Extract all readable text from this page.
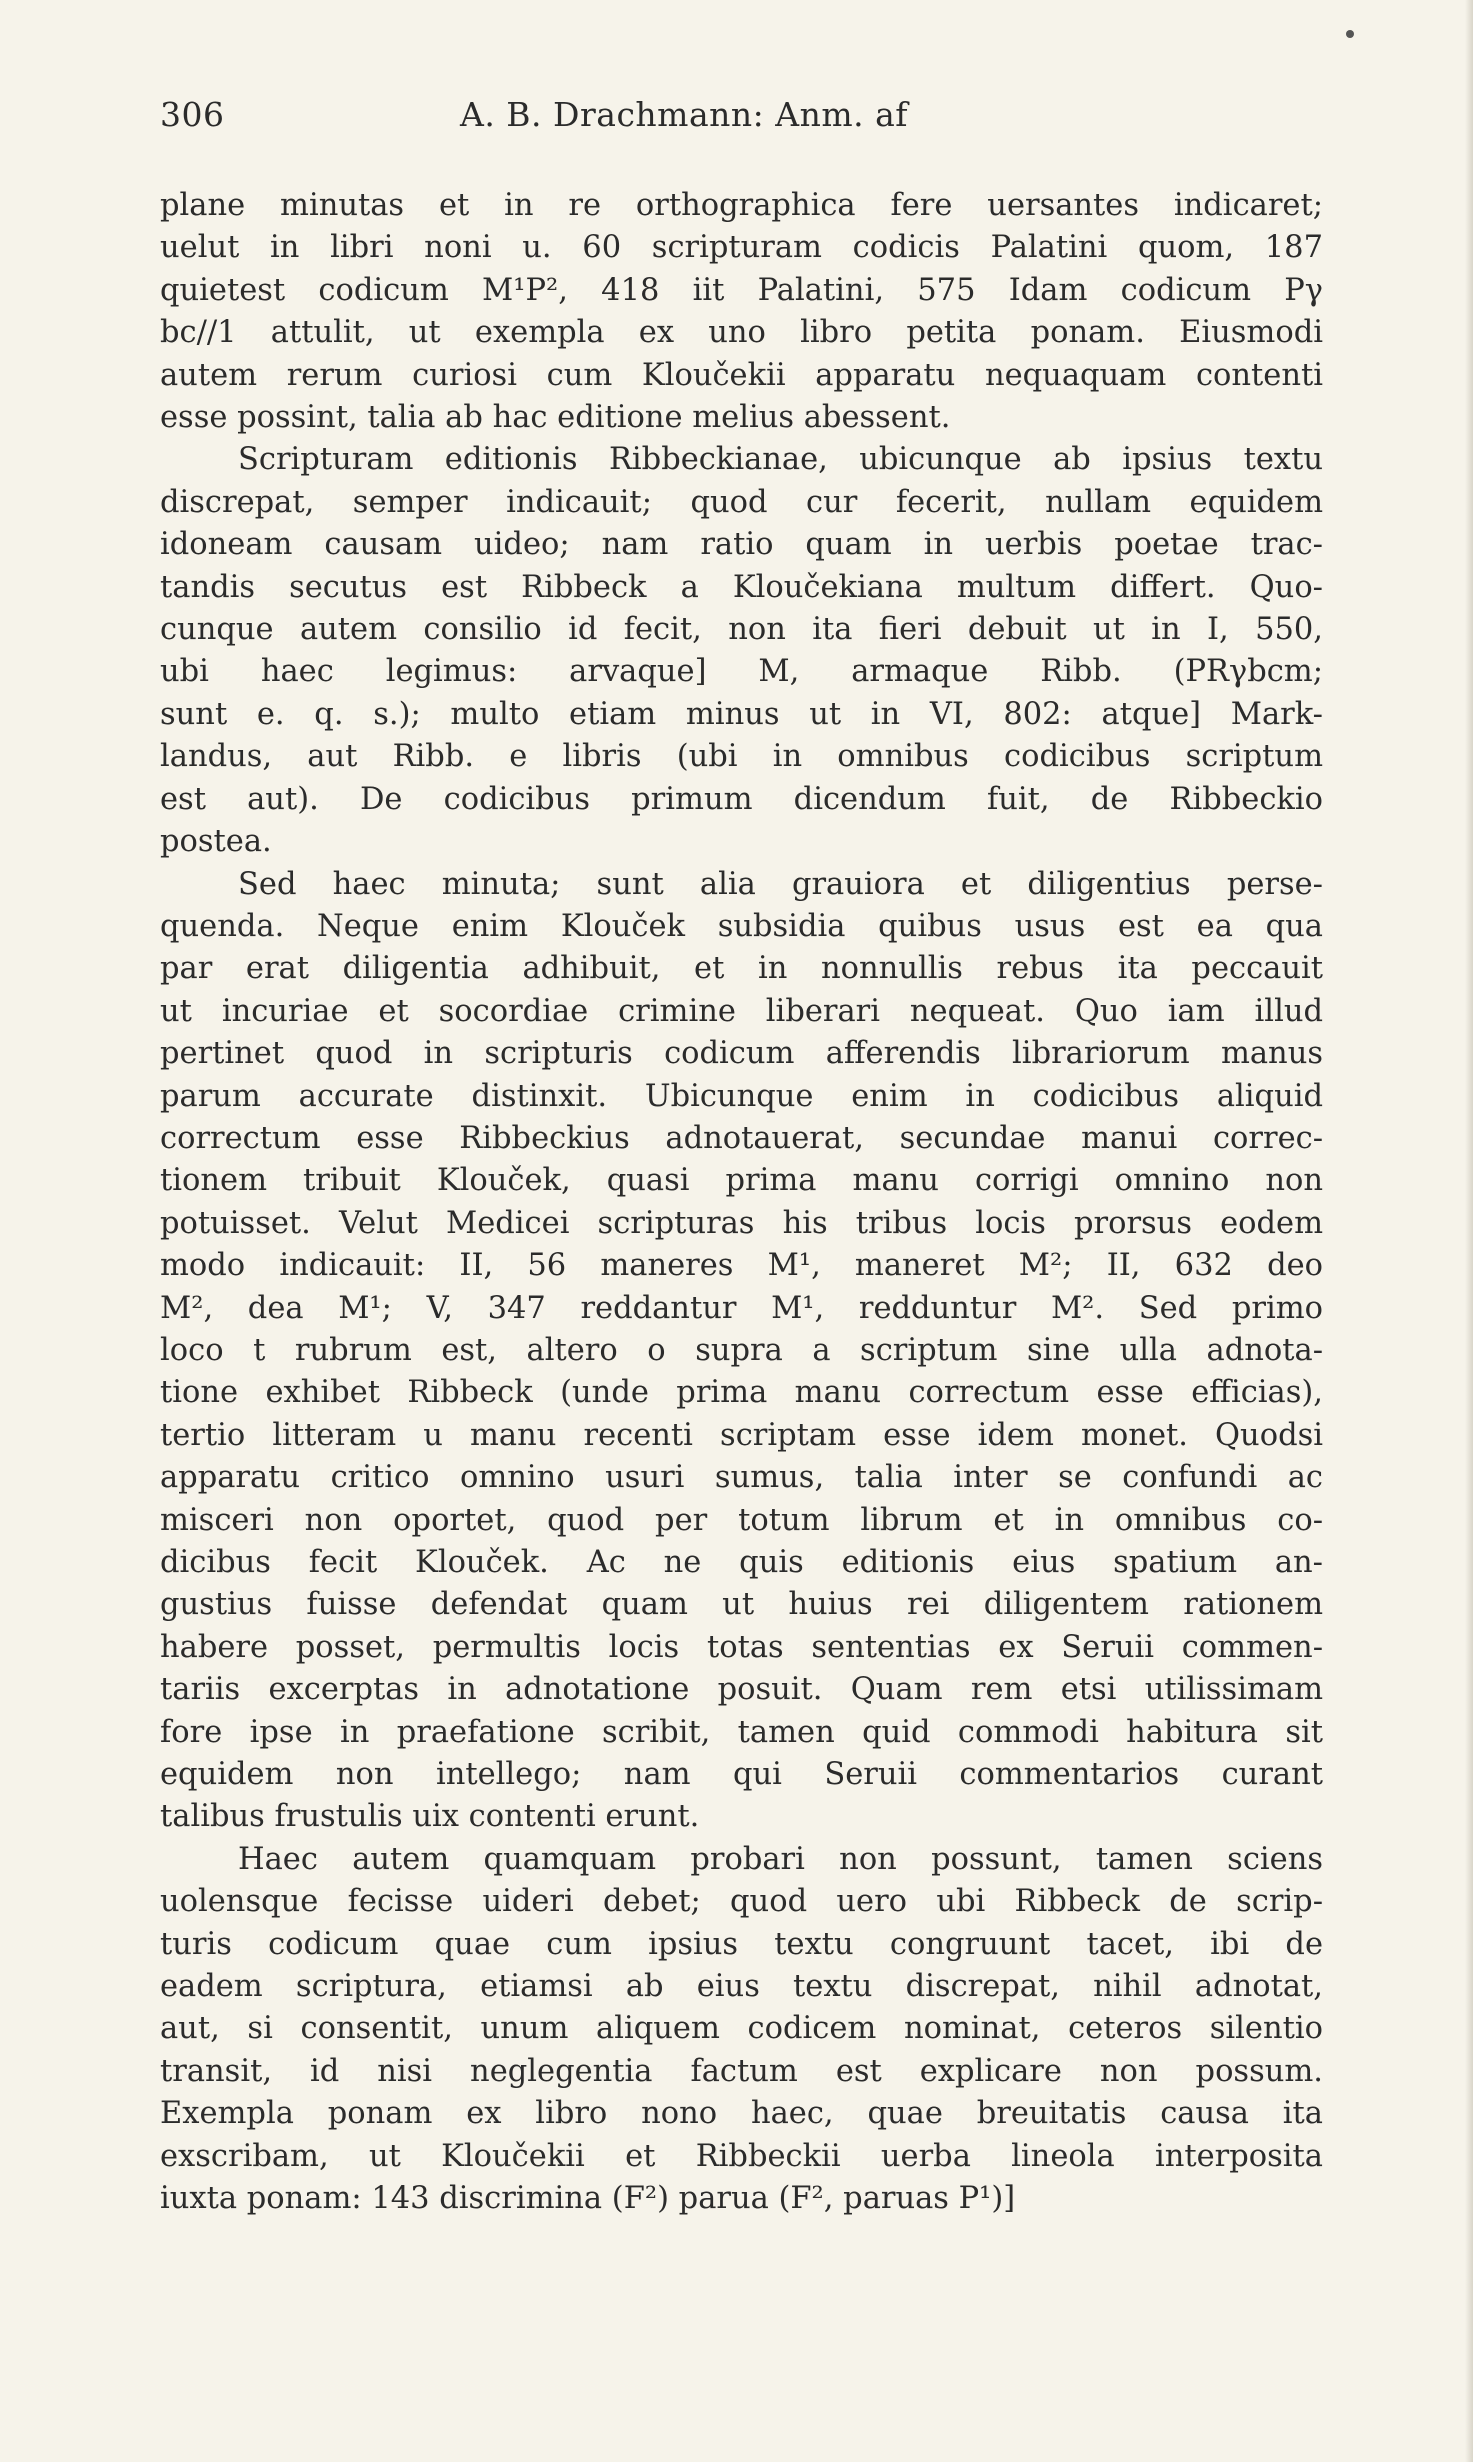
306	A. B. Drachmann: Anm. af
plane minutas et in re orthographica fere uersantes indicaret;
uelut in libri noni u. 60 scripturam codicis Palatini quom, 187
quietest codicum M¹P², 418 iit Palatini, 575 Idam codicum Pγ
bc//1 attulit, ut exempla ex uno libro petita ponam. Eiusmodi
autem rerum curiosi cum Kloučekii apparatu nequaquam contenti
esse possint, talia ab hac editione melius abessent.
Scripturam editionis Ribbeckianae, ubicunque ab ipsius textu
discrepat, semper indicauit; quod cur fecerit, nullam equidem
idoneam causam uideo; nam ratio quam in uerbis poetae trac-
tandis secutus est Ribbeck a Kloučekiana multum differt. Quo-
cunque autem consilio id fecit, non ita fieri debuit ut in I, 550,
ubi haec legimus: arvaque] M, armaque Ribb. (PRγbcm;
sunt e. q. s.); multo etiam minus ut in VI, 802: atque] Mark-
landus, aut Ribb. e libris (ubi in omnibus codicibus scriptum
est aut). De codicibus primum dicendum fuit, de Ribbeckio
postea.
Sed haec minuta; sunt alia grauiora et diligentius perse-
quenda. Neque enim Klouček subsidia quibus usus est ea qua
par erat diligentia adhibuit, et in nonnullis rebus ita peccauit
ut incuriae et socordiae crimine liberari nequeat. Quo iam illud
pertinet quod in scripturis codicum afferendis librariorum manus
parum accurate distinxit. Ubicunque enim in codicibus aliquid
correctum esse Ribbeckius adnotauerat, secundae manui correc-
tionem tribuit Klouček, quasi prima manu corrigi omnino non
potuisset. Velut Medicei scripturas his tribus locis prorsus eodem
modo indicauit: II, 56 maneres M¹, maneret M²; II, 632 deo
M², dea M¹; V, 347 reddantur M¹, redduntur M². Sed primo
loco t rubrum est, altero o supra a scriptum sine ulla adnota-
tione exhibet Ribbeck (unde prima manu correctum esse efficias),
tertio litteram u manu recenti scriptam esse idem monet. Quodsi
apparatu critico omnino usuri sumus, talia inter se confundi ac
misceri non oportet, quod per totum librum et in omnibus co-
dicibus fecit Klouček. Ac ne quis editionis eius spatium an-
gustius fuisse defendat quam ut huius rei diligentem rationem
habere posset, permultis locis totas sententias ex Seruii commen-
tariis excerptas in adnotatione posuit. Quam rem etsi utilissimam
fore ipse in praefatione scribit, tamen quid commodi habitura sit
equidem non intellego; nam qui Seruii commentarios curant
talibus frustulis uix contenti erunt.
Haec autem quamquam probari non possunt, tamen sciens
uolensque fecisse uideri debet; quod uero ubi Ribbeck de scrip-
turis codicum quae cum ipsius textu congruunt tacet, ibi de
eadem scriptura, etiamsi ab eius textu discrepat, nihil adnotat,
aut, si consentit, unum aliquem codicem nominat, ceteros silentio
transit, id nisi neglegentia factum est explicare non possum.
Exempla ponam ex libro nono haec, quae breuitatis causa ita
exscribam, ut Kloučekii et Ribbeckii uerba lineola interposita
iuxta ponam: 143 discrimina (F²) parua (F², paruas P¹)]
